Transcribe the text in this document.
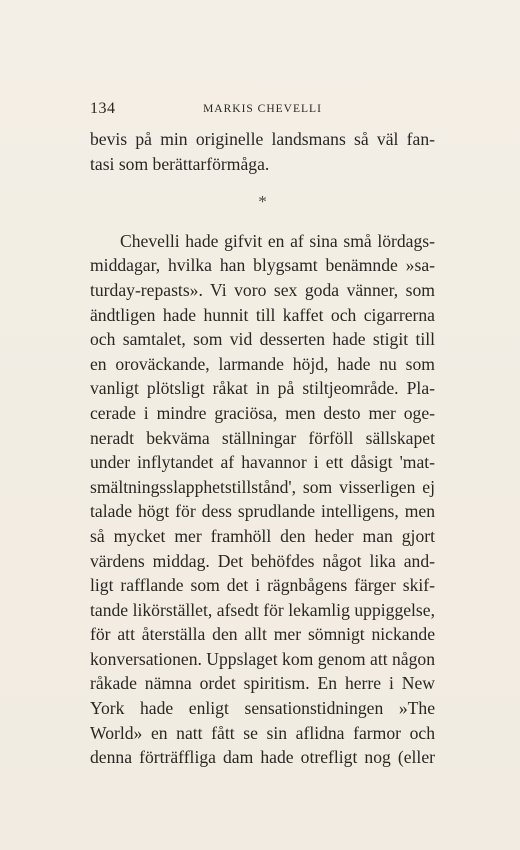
134	MARKIS CHEVELLI
bevis på min originelle landsmans så väl fan-
tasi som berättarförmåga.
*
Chevelli hade gifvit en af sina små lördags-
middagar, hvilka han blygsamt benämnde »sa-
turday-repasts». Vi voro sex goda vänner, som
ändtligen hade hunnit till kaffet och cigarrerna
och samtalet, som vid desserten hade stigit till
en oroväckande, larmande höjd, hade nu som
vanligt plötsligt råkat in på stiltjeområde. Pla-
cerade i mindre graciösa, men desto mer oge-
neradt bekväma ställningar förföll sällskapet
under inflytandet af havannor i ett dåsigt 'mat-
smältningsslapphetstillstånd', som visserligen ej
talade högt för dess sprudlande intelligens, men
så mycket mer framhöll den heder man gjort
värdens middag. Det behöfdes något lika and-
ligt rafflande som det i rägnbågens färger skif-
tande likörstället, afsedt för lekamlig uppiggelse,
för att återställa den allt mer sömnigt nickande
konversationen. Uppslaget kom genom att någon
råkade nämna ordet spiritism. En herre i New
York hade enligt sensationstidningen »The
World» en natt fått se sin aflidna farmor och
denna förträffliga dam hade otrefligt nog (eller
